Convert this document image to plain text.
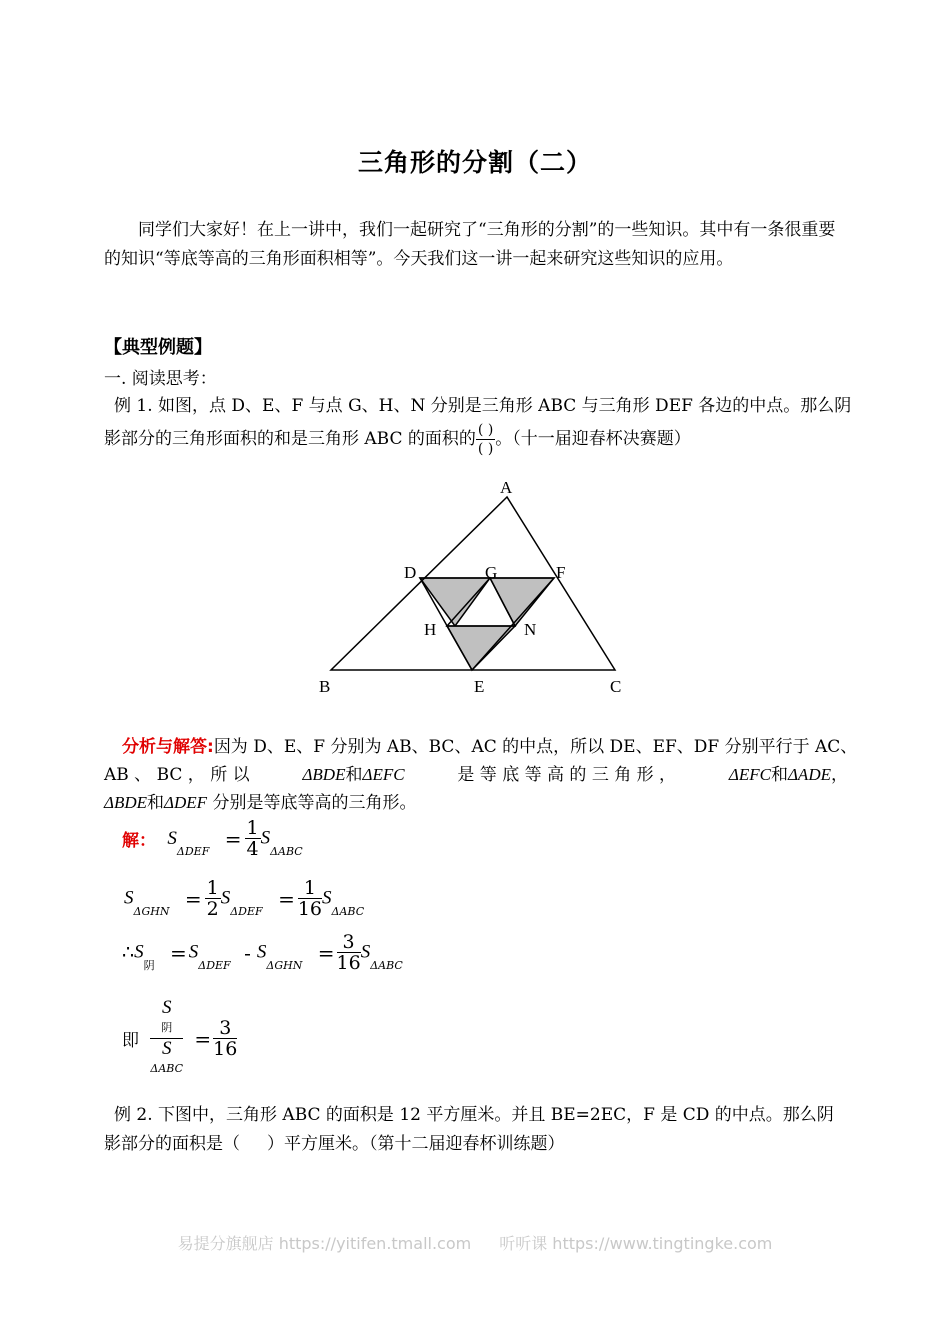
三角形的分割（二）
同学们大家好！在上一讲中，我们一起研究了“三角形的分割”的一些知识。其中有一条很重要的知识“等底等高的三角形面积相等”。今天我们这一讲一起来研究这些知识的应用。
【典型例题】
一. 阅读思考：
例 1. 如图，点 D、E、F 与点 G、H、N 分别是三角形 ABC 与三角形 DEF 各边的中点。那么阴
影部分的三角形面积的和是三角形 ABC 的面积的 $\frac{( )}{( )}$ 。（十一届迎春杯决赛题）
A
B	C
D
E
F
G
H	N
分析与解答:因为 D、E、F 分别为 AB、BC、AC 的中点，所以 DE、EF、DF 分别平行于 AC、
AB 、 BC ， 所 以	ΔBDE和ΔEFC	是 等 底 等 高 的 三 角 形 ，	ΔEFC和ΔADE，
ΔBDE和ΔDEF 分别是等底等高的三角形。
解： $S_{\Delta DEF} = \frac{1}{4} S_{\Delta ABC}$
$S_{\Delta GHN} = \frac{1}{2} S_{\Delta DEF} = \frac{1}{16} S_{\Delta ABC}$
$\therefore S_阴 = S_{\Delta DEF} - S_{\Delta GHN} = \frac{3}{16} S_{\Delta ABC}$
即 S
阴
S
$\Delta ABC = \frac{3}{16}$
例 2. 下图中，三角形 ABC 的面积是 12 平方厘米。并且 BE=2EC，F 是 CD 的中点。那么阴
影部分的面积是（     ）平方厘米。（第十二届迎春杯训练题）
易提分旗舰店 https://yitifen.tmall.com 听听课 https://www.tingtingke.com
